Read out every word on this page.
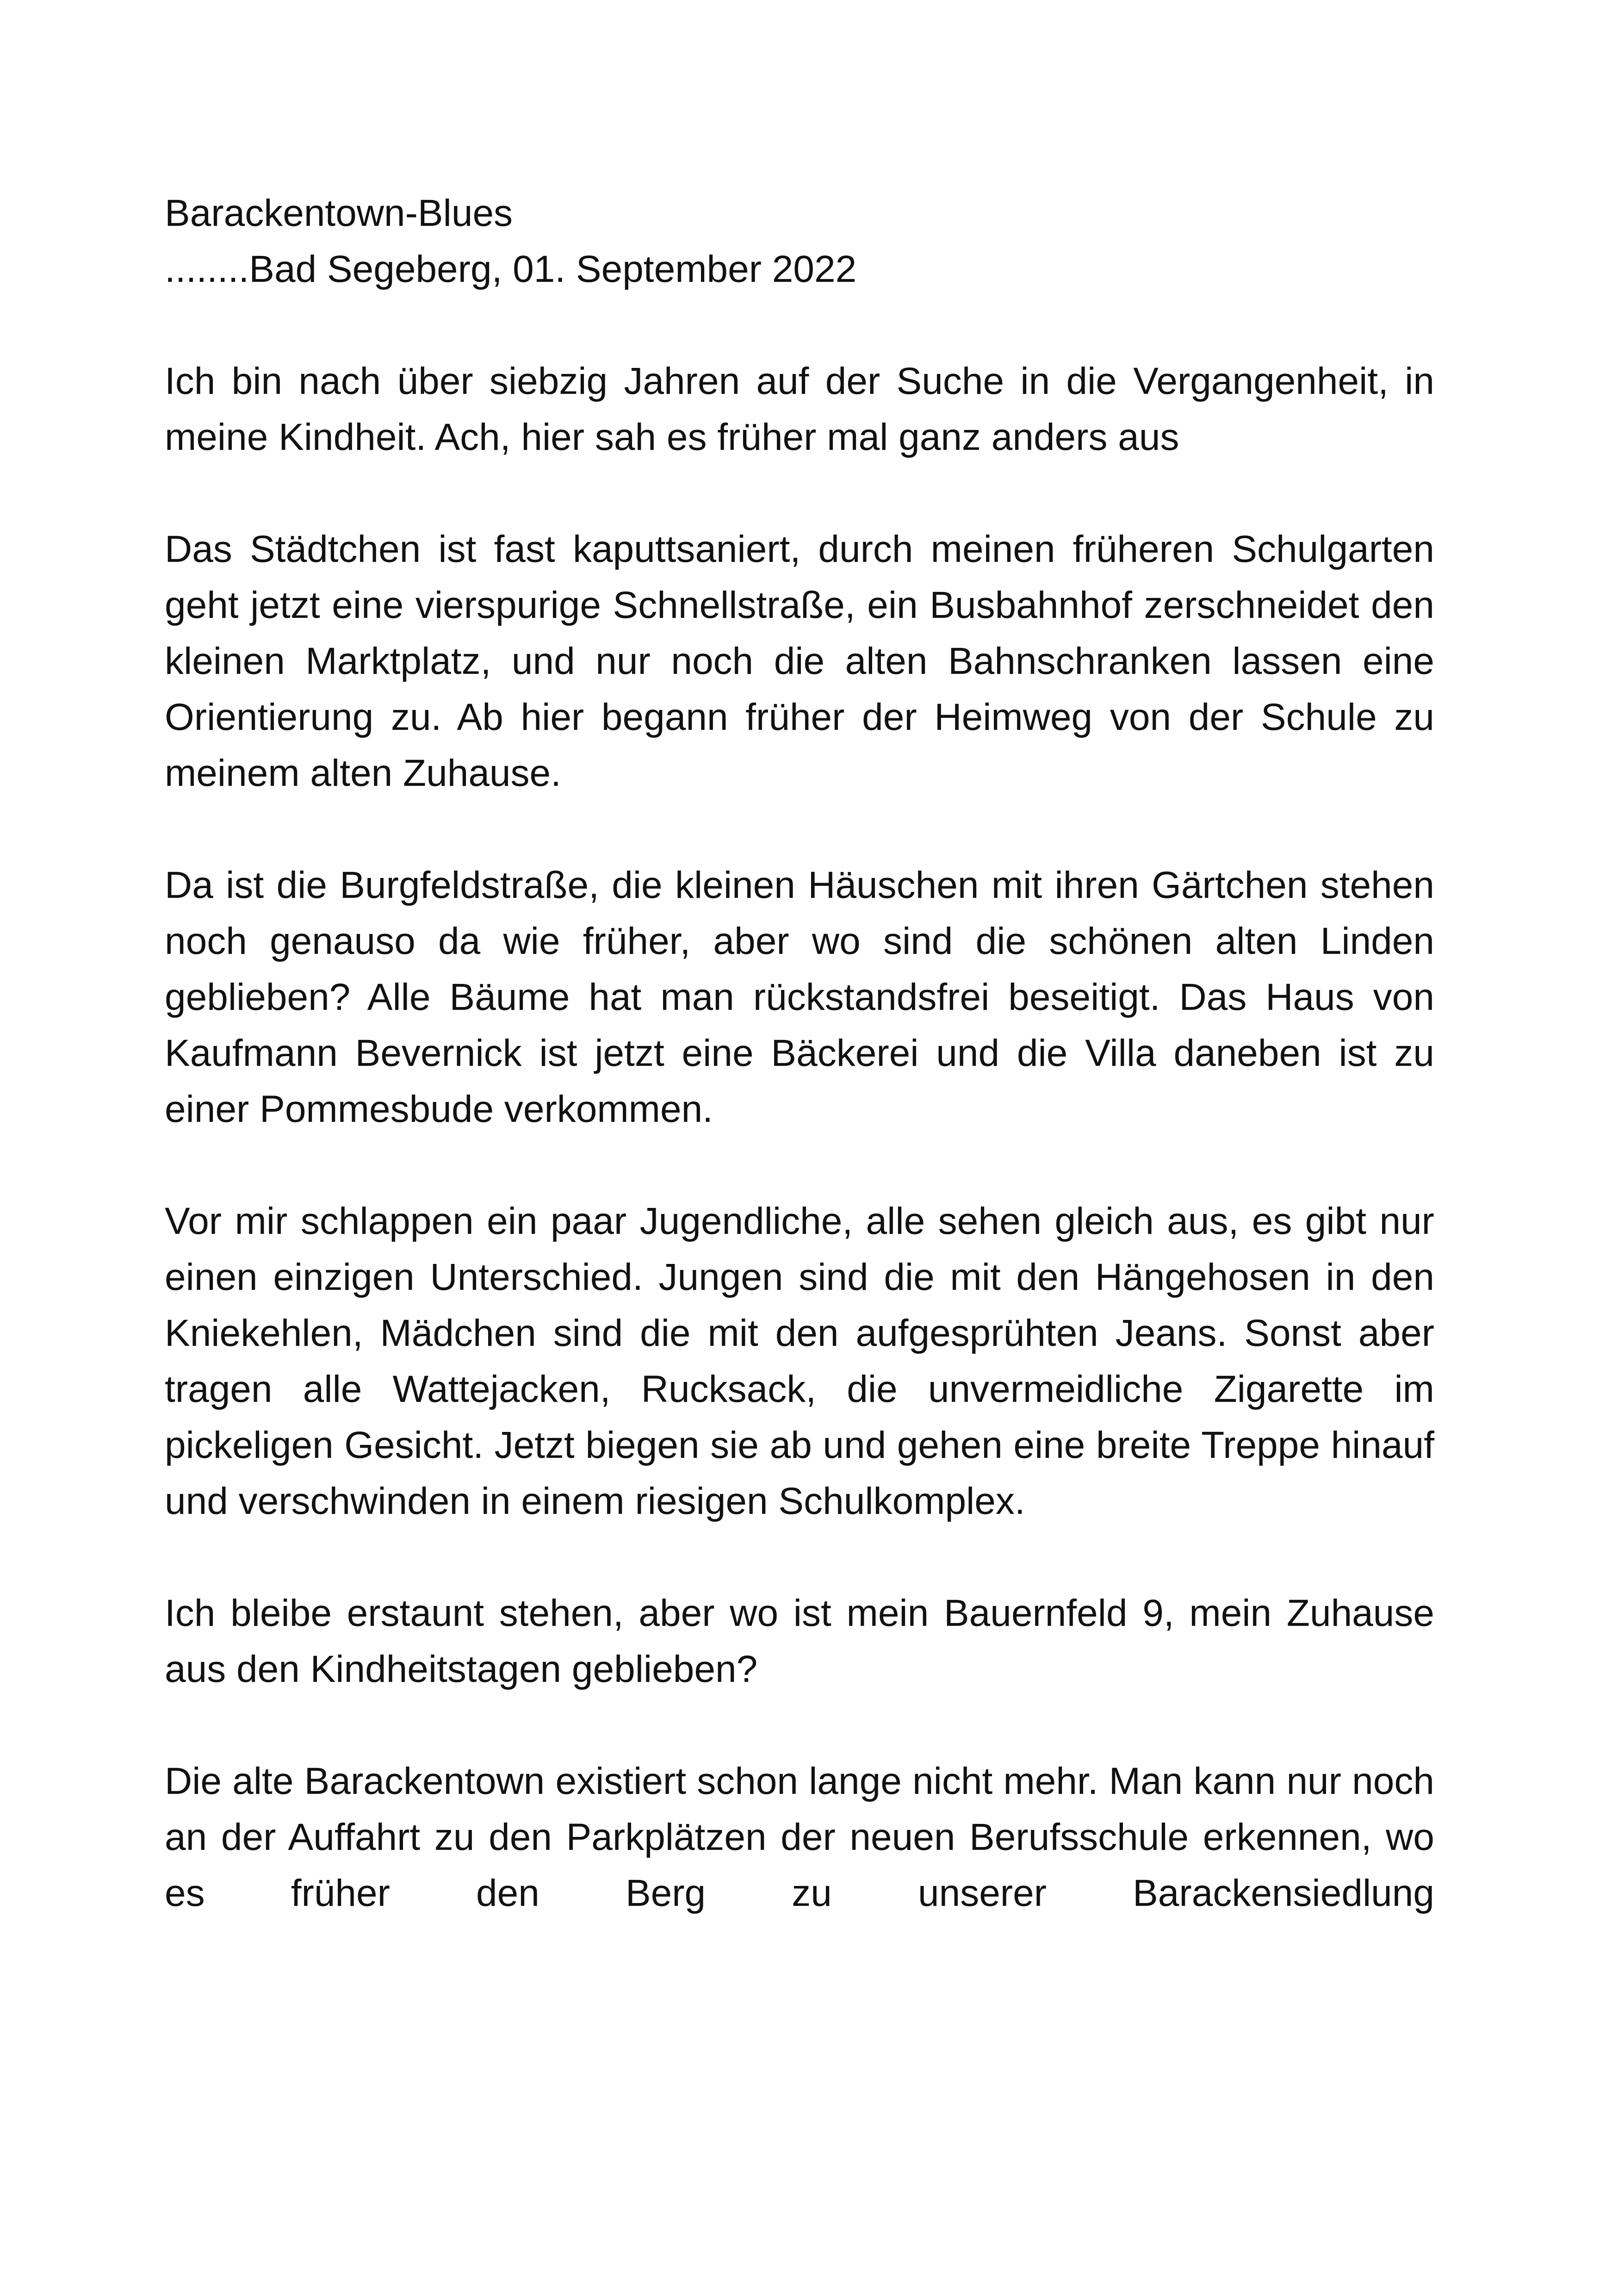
Barackentown-Blues

........Bad Segeberg, 01. September 2022

Ich bin nach über siebzig Jahren auf der Suche in die Vergangenheit, in meine Kindheit. Ach, hier sah es früher mal ganz anders aus

Das Städtchen ist fast kaputtsaniert, durch meinen früheren Schulgarten geht jetzt eine vierspurige Schnellstraße, ein Busbahnhof zerschneidet den kleinen Marktplatz, und nur noch die alten Bahnschranken lassen eine Orientierung zu. Ab hier begann früher der Heimweg von der Schule zu meinem alten Zuhause.

Da ist die Burgfeldstraße, die kleinen Häuschen mit ihren Gärtchen stehen noch genauso da wie früher, aber wo sind die schönen alten Linden geblieben? Alle Bäume hat man rückstandsfrei beseitigt. Das Haus von Kaufmann Bevernick ist jetzt eine Bäckerei und die Villa daneben ist zu einer Pommesbude verkommen.

Vor mir schlappen ein paar Jugendliche, alle sehen gleich aus, es gibt nur einen einzigen Unterschied. Jungen sind die mit den Hängehosen in den Kniekehlen, Mädchen sind die mit den aufgesprühten Jeans. Sonst aber tragen alle Wattejacken, Rucksack, die unvermeidliche Zigarette im pickeligen Gesicht. Jetzt biegen sie ab und gehen eine breite Treppe hinauf und verschwinden in einem riesigen Schulkomplex.

Ich bleibe erstaunt stehen, aber wo ist mein Bauernfeld 9, mein Zuhause aus den Kindheitstagen geblieben?

Die alte Barackentown existiert schon lange nicht mehr. Man kann nur noch an der Auffahrt zu den Parkplätzen der neuen Berufsschule erkennen, wo es früher den Berg zu unserer Barackensiedlung
